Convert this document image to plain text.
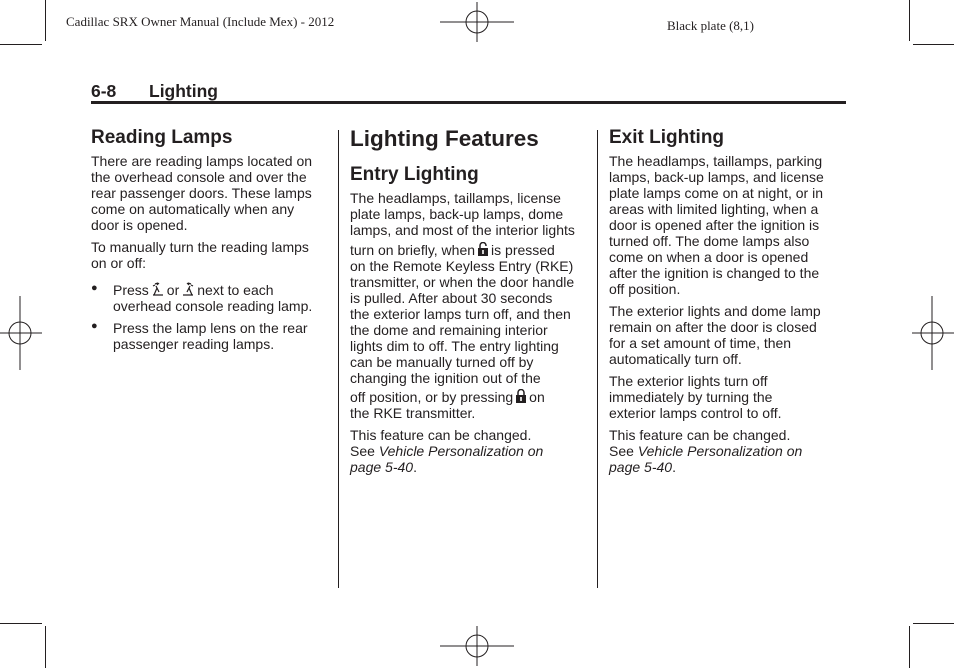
Cadillac SRX Owner Manual (Include Mex) - 2012	Black plate (8,1)
6-8 Lighting
Reading Lamps

There are reading lamps located on
the overhead console and over the
rear passenger doors. These lamps
come on automatically when any
door is opened.

To manually turn the reading lamps
on or off:

● Press or next to each
overhead console reading lamp.
● Press the lamp lens on the rear
passenger reading lamps.
Lighting Features
Entry Lighting

The headlamps, taillamps, license
plate lamps, back-up lamps, dome
lamps, and most of the interior lights
turn on briefly, when is pressed
on the Remote Keyless Entry (RKE)
transmitter, or when the door handle
is pulled. After about 30 seconds
the exterior lamps turn off, and then
the dome and remaining interior
lights dim to off. The entry lighting
can be manually turned off by
changing the ignition out of the
off position, or by pressing on
the RKE transmitter.

This feature can be changed.
See Vehicle Personalization on
page 5-40.

Exit Lighting

The headlamps, taillamps, parking
lamps, back-up lamps, and license
plate lamps come on at night, or in
areas with limited lighting, when a
door is opened after the ignition is
turned off. The dome lamps also
come on when a door is opened
after the ignition is changed to the
off position.

The exterior lights and dome lamp
remain on after the door is closed
for a set amount of time, then
automatically turn off.

The exterior lights turn off
immediately by turning the
exterior lamps control to off.

This feature can be changed.
See Vehicle Personalization on
page 5-40.
